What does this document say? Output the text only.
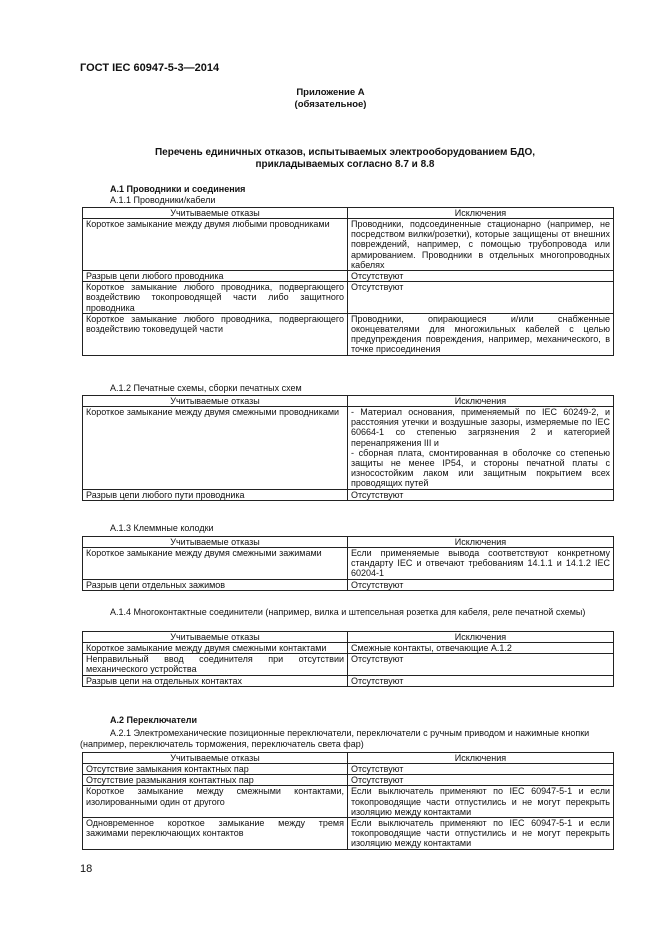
ГОСТ IEC 60947-5-3—2014
Приложение А
(обязательное)
Перечень единичных отказов, испытываемых электрооборудованием БДО,
прикладываемых согласно 8.7 и 8.8
А.1 Проводники и соединения
А.1.1 Проводники/кабели
Учитываемые отказы	Исключения
Короткое замыкание между двумя любыми проводниками	Проводники, подсоединенные стационарно (например, не посредством вилки/розетки), которые защищены от внешних повреждений, например, с помощью трубопровода или армированием. Проводники в отдельных многопроводных кабелях
Разрыв цепи любого проводника	Отсутствуют
Короткое замыкание любого проводника, подвергающего воздействию токопроводящей части либо защитного проводника	Отсутствуют
Короткое замыкание любого проводника, подвергающего воздействию токоведущей части	Проводники, опирающиеся и/или снабженные оконцевателями для многожильных кабелей с целью предупреждения повреждения, например, механического, в точке присоединения
А.1.2 Печатные схемы, сборки печатных схем
Учитываемые отказы	Исключения
Короткое замыкание между двумя смежными проводниками	- Материал основания, применяемый по IEC 60249-2, и расстояния утечки и воздушные зазоры, измеряемые по IEC 60664-1 со степенью загрязнения 2 и категорией перенапряжения III и
- сборная плата, смонтированная в оболочке со степенью защиты не менее IP54, и стороны печатной платы с износостойким лаком или защитным покрытием всех проводящих путей
Разрыв цепи любого пути проводника	Отсутствуют
А.1.3 Клеммные колодки
Учитываемые отказы	Исключения
Короткое замыкание между двумя смежными зажимами	Если применяемые вывода соответствуют конкретному стандарту IEC и отвечают требованиям 14.1.1 и 14.1.2 IEC 60204-1
Разрыв цепи отдельных зажимов	Отсутствуют
А.1.4 Многоконтактные соединители (например, вилка и штепсельная розетка для кабеля, реле печатной схемы)
Учитываемые отказы	Исключения
Короткое замыкание между двумя смежными контактами	Смежные контакты, отвечающие А.1.2
Неправильный ввод соединителя при отсутствии механического устройства	Отсутствуют
Разрыв цепи на отдельных контактах	Отсутствуют
А.2 Переключатели
А.2.1 Электромеханические позиционные переключатели, переключатели с ручным приводом и нажимные кнопки (например, переключатель торможения, переключатель света фар)
Учитываемые отказы	Исключения
Отсутствие замыкания контактных пар	Отсутствуют
Отсутствие размыкания контактных пар	Отсутствуют
Короткое замыкание между смежными контактами, изолированными один от другого	Если выключатель применяют по IEC 60947-5-1 и если токопроводящие части отпустились и не могут перекрыть изоляцию между контактами
Одновременное короткое замыкание между тремя зажимами переключающих контактов	Если выключатель применяют по IEC 60947-5-1 и если токопроводящие части отпустились и не могут перекрыть изоляцию между контактами
18
